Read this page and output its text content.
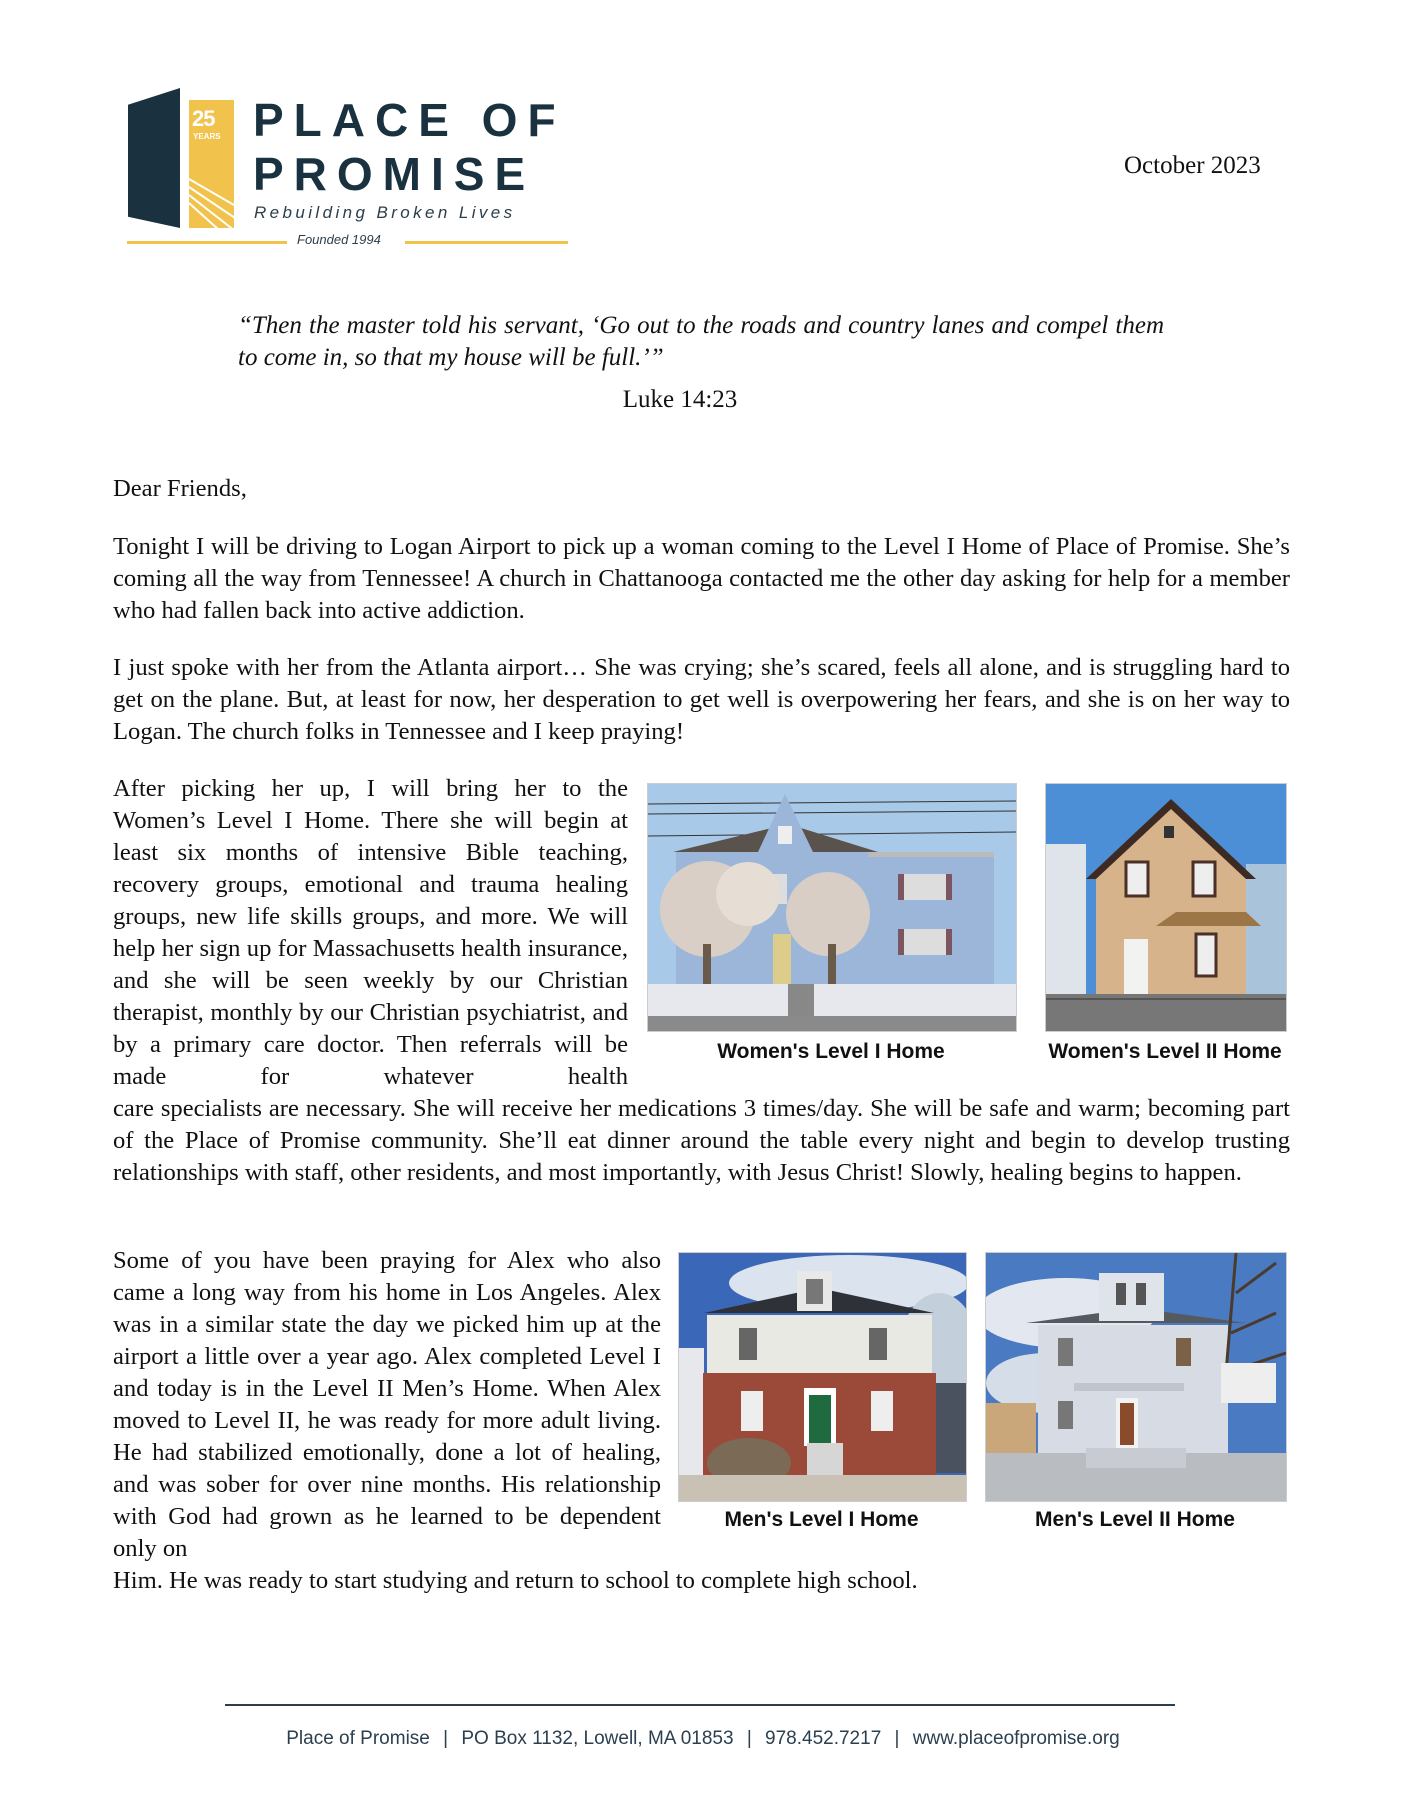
25
YEARS PLACE OF
PROMISE
Rebuilding Broken Lives
Founded 1994
October 2023
“Then the master told his servant, ‘Go out to the roads and country lanes and compel them to come in, so that my house will be full.’”
Luke 14:23
Dear Friends,
Tonight I will be driving to Logan Airport to pick up a woman coming to the Level I Home of Place of Promise. She’s coming all the way from Tennessee! A church in Chattanooga contacted me the other day asking for help for a member who had fallen back into active addiction.
I just spoke with her from the Atlanta airport… She was crying; she’s scared, feels all alone, and is struggling hard to get on the plane. But, at least for now, her desperation to get well is overpowering her fears, and she is on her way to Logan. The church folks in Tennessee and I keep praying!
After picking her up, I will bring her to the Women’s Level I Home. There she will begin at least six months of intensive Bible teaching, recovery groups, emotional and trauma healing groups, new life skills groups, and more. We will help her sign up for Massachusetts health insurance, and she will be seen weekly by our Christian therapist, monthly by our Christian psychiatrist, and by a primary care doctor. Then referrals will be made for whatever health
care specialists are necessary. She will receive her medications 3 times/day. She will be safe and warm; becoming part of the Place of Promise community. She’ll eat dinner around the table every night and begin to develop trusting relationships with staff, other residents, and most importantly, with Jesus Christ! Slowly, healing begins to happen.
Some of you have been praying for Alex who also came a long way from his home in Los Angeles. Alex was in a similar state the day we picked him up at the airport a little over a year ago. Alex completed Level I and today is in the Level II Men’s Home. When Alex moved to Level II, he was ready for more adult living. He had stabilized emotionally, done a lot of healing, and was sober for over nine months. His relationship with God had grown as he learned to be dependent only on
Him. He was ready to start studying and return to school to complete high school.
Women's Level I Home	Women's Level II Home
Men's Level I Home	Men's Level II Home
Place of Promise | PO Box 1132, Lowell, MA 01853 | 978.452.7217 | www.placeofpromise.org
